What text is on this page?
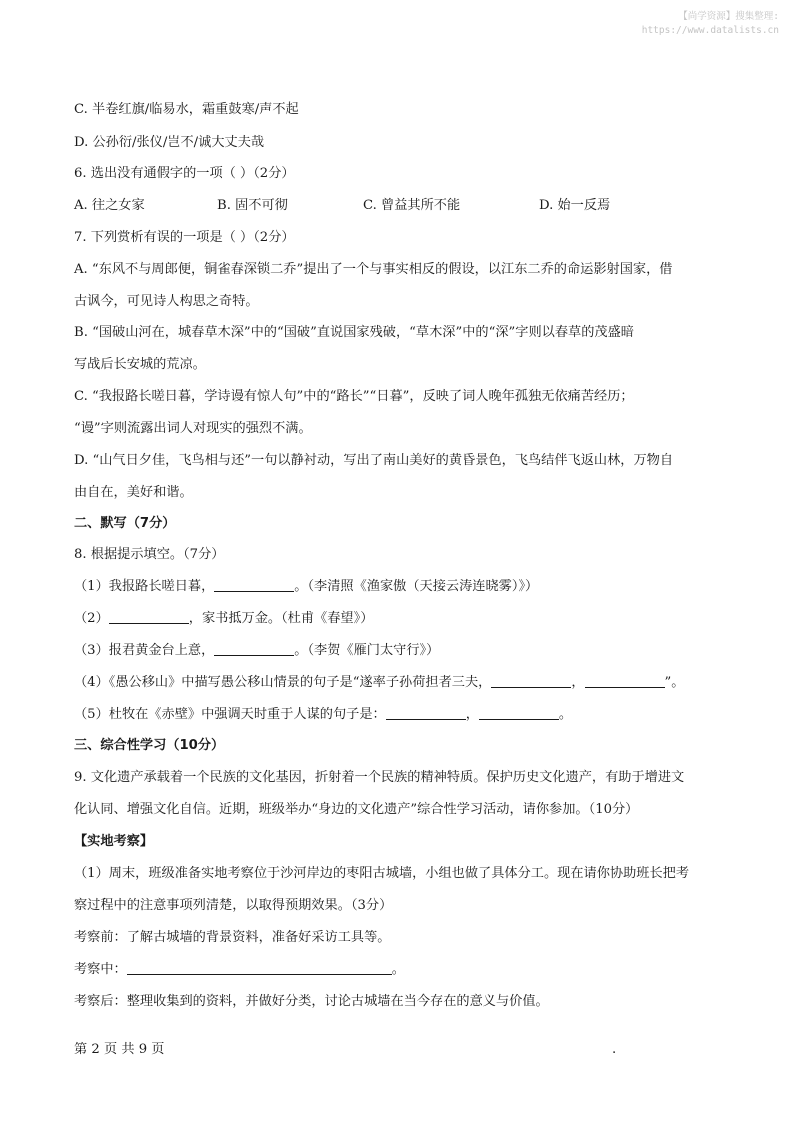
【尚学资源】搜集整理:
https://www.datalists.cn
C. 半卷红旗/临易水，霜重鼓寒/声不起
D. 公孙衍/张仪/岂不/诚大丈夫哉
6. 选出没有通假字的一项（ ）（2分）
A. 往之女家	B. 固不可彻	C. 曾益其所不能	D. 始一反焉
7. 下列赏析有误的一项是（ ）（2分）
A. “东风不与周郎便，铜雀春深锁二乔”提出了一个与事实相反的假设，以江东二乔的命运影射国家，借
古讽今，可见诗人构思之奇特。
B. “国破山河在，城春草木深”中的“国破”直说国家残破，“草木深”中的“深”字则以春草的茂盛暗
写战后长安城的荒凉。
C. “我报路长嗟日暮，学诗谩有惊人句”中的“路长”“日暮”，反映了词人晚年孤独无依痛苦经历；
“谩”字则流露出词人对现实的强烈不满。
D. “山气日夕佳，飞鸟相与还”一句以静衬动，写出了南山美好的黄昏景色，飞鸟结伴飞返山林，万物自
由自在，美好和谐。
二、默写（7分）
8. 根据提示填空。（7分）
（1）我报路长嗟日暮，	。（李清照《渔家傲（天接云涛连晓雾）》）
（2）	，家书抵万金。（杜甫《春望》）
（3）报君黄金台上意，	。（李贺《雁门太守行》）
（4）《愚公移山》中描写愚公移山情景的句子是“遂率子孙荷担者三夫，	，	”。
（5）杜牧在《赤壁》中强调天时重于人谋的句子是：	，	。
三、综合性学习（10分）
9. 文化遗产承载着一个民族的文化基因，折射着一个民族的精神特质。保护历史文化遗产，有助于增进文
化认同、增强文化自信。近期，班级举办“身边的文化遗产”综合性学习活动，请你参加。（10分）
【实地考察】
（1）周末，班级准备实地考察位于沙河岸边的枣阳古城墙，小组也做了具体分工。现在请你协助班长把考
察过程中的注意事项列清楚，以取得预期效果。（3分）
考察前：了解古城墙的背景资料，准备好采访工具等。
考察中：	。
考察后：整理收集到的资料，并做好分类，讨论古城墙在当今存在的意义与价值。
第 2 页 共 9 页	.
